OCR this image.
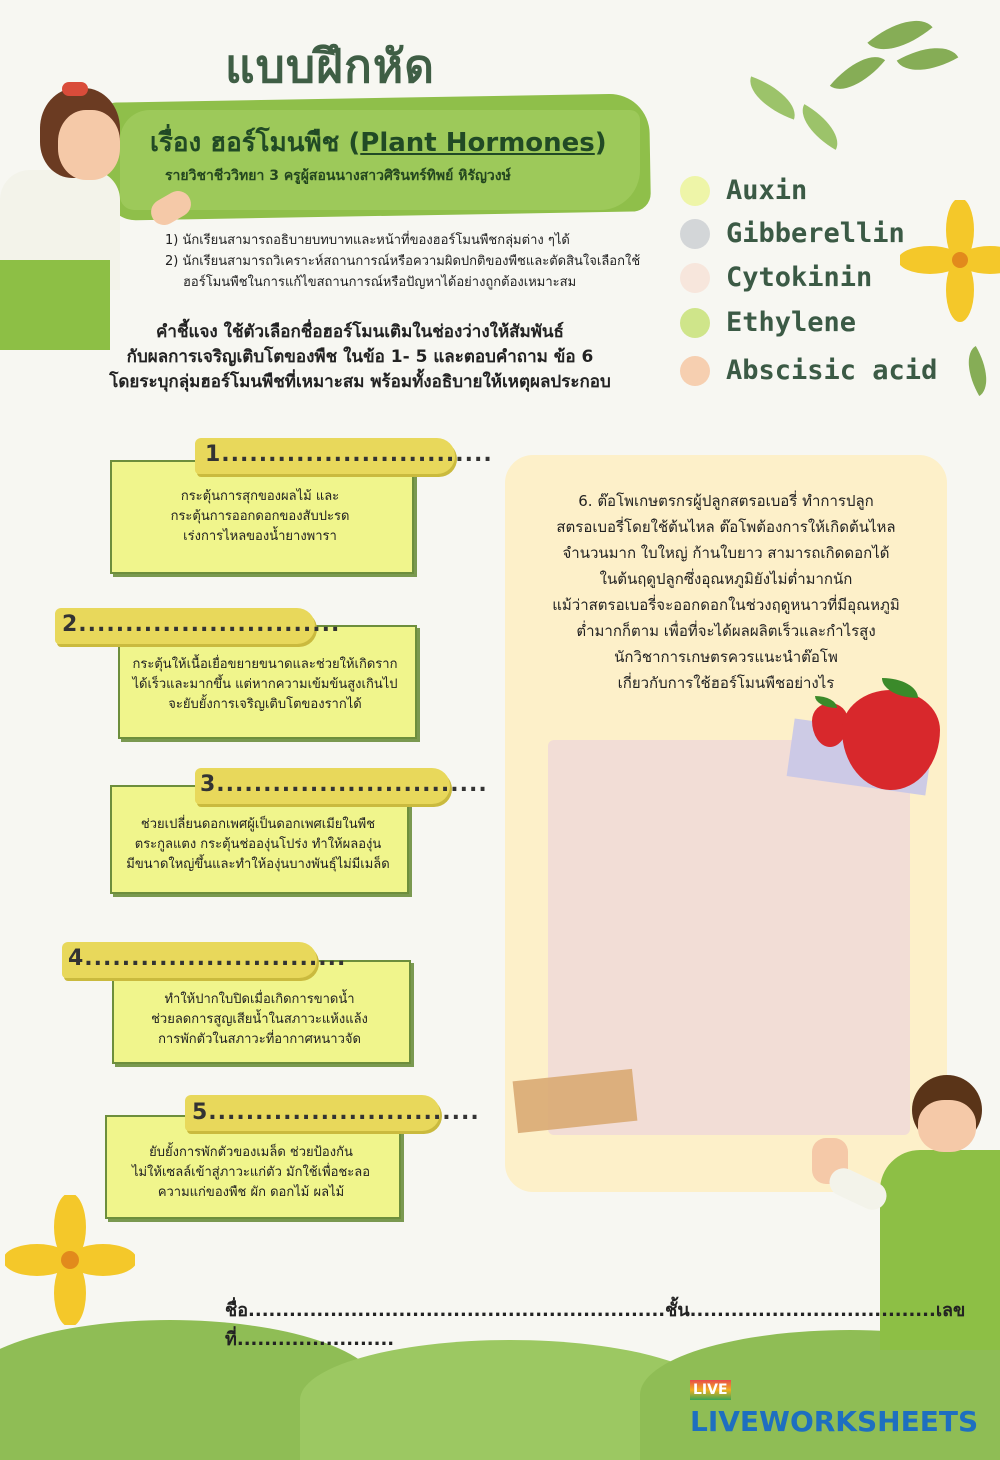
แบบฝึกหัด
เรื่อง ฮอร์โมนพืช (Plant Hormones)
รายวิชาชีววิทยา 3 ครูผู้สอนนางสาวศิรินทร์ทิพย์ หิรัญวงษ์
1) นักเรียนสามารถอธิบายบทบาทและหน้าที่ของฮอร์โมนพืชกลุ่มต่าง ๆได้
2) นักเรียนสามารถวิเคราะห์สถานการณ์หรือความผิดปกติของพืชและตัดสินใจเลือกใช้
ฮอร์โมนพืชในการแก้ไขสถานการณ์หรือปัญหาได้อย่างถูกต้องเหมาะสม
คำชี้แจง ใช้ตัวเลือกชื่อฮอร์โมนเติมในช่องว่างให้สัมพันธ์
กับผลการเจริญเติบโตของพืช ในข้อ 1- 5 และตอบคำถาม ข้อ 6
โดยระบุกลุ่มฮอร์โมนพืชที่เหมาะสม พร้อมทั้งอธิบายให้เหตุผลประกอบ
Auxin
Gibberellin
Cytokinin
Ethylene
Abscisic acid
1.............................
กระตุ้นการสุกของผลไม้ และ
กระตุ้นการออกดอกของสับปะรด
เร่งการไหลของน้ำยางพารา
2............................
กระตุ้นให้เนื้อเยื่อขยายขนาดและช่วยให้เกิดราก
ได้เร็วและมากขึ้น แต่หากความเข้มข้นสูงเกินไป
จะยับยั้งการเจริญเติบโตของรากได้
3.............................
ช่วยเปลี่ยนดอกเพศผู้เป็นดอกเพศเมียในพืช
ตระกูลแตง กระตุ้นช่อองุ่นโปร่ง ทำให้ผลองุ่น
มีขนาดใหญ่ขึ้นและทำให้องุ่นบางพันธุ์ไม่มีเมล็ด
4............................
ทำให้ปากใบปิดเมื่อเกิดการขาดน้ำ
ช่วยลดการสูญเสียน้ำในสภาวะแห้งแล้ง
การพักตัวในสภาวะที่อากาศหนาวจัด
5.............................
ยับยั้งการพักตัวของเมล็ด ช่วยป้องกัน
ไม่ให้เซลล์เข้าสู่ภาวะแก่ตัว มักใช้เพื่อชะลอ
ความแก่ของพืช ผัก ดอกไม้ ผลไม้
6. ต๊อโพเกษตรกรผู้ปลูกสตรอเบอรี่ ทำการปลูก
สตรอเบอรี่โดยใช้ต้นไหล ต๊อโพต้องการให้เกิดต้นไหล
จำนวนมาก ใบใหญ่ ก้านใบยาว สามารถเกิดดอกได้
ในต้นฤดูปลูกซึ่งอุณหภูมิยังไม่ต่ำมากนัก
แม้ว่าสตรอเบอรี่จะออกดอกในช่วงฤดูหนาวที่มีอุณหภูมิ
ต่ำมากก็ตาม เพื่อที่จะได้ผลผลิตเร็วและกำไรสูง
นักวิชาการเกษตรควรแนะนำต๊อโพ
เกี่ยวกับการใช้ฮอร์โมนพืชอย่างไร
ชื่อ.............................................................ชั้น....................................เลขที่.......................
LIVELIVEWORKSHEETS
